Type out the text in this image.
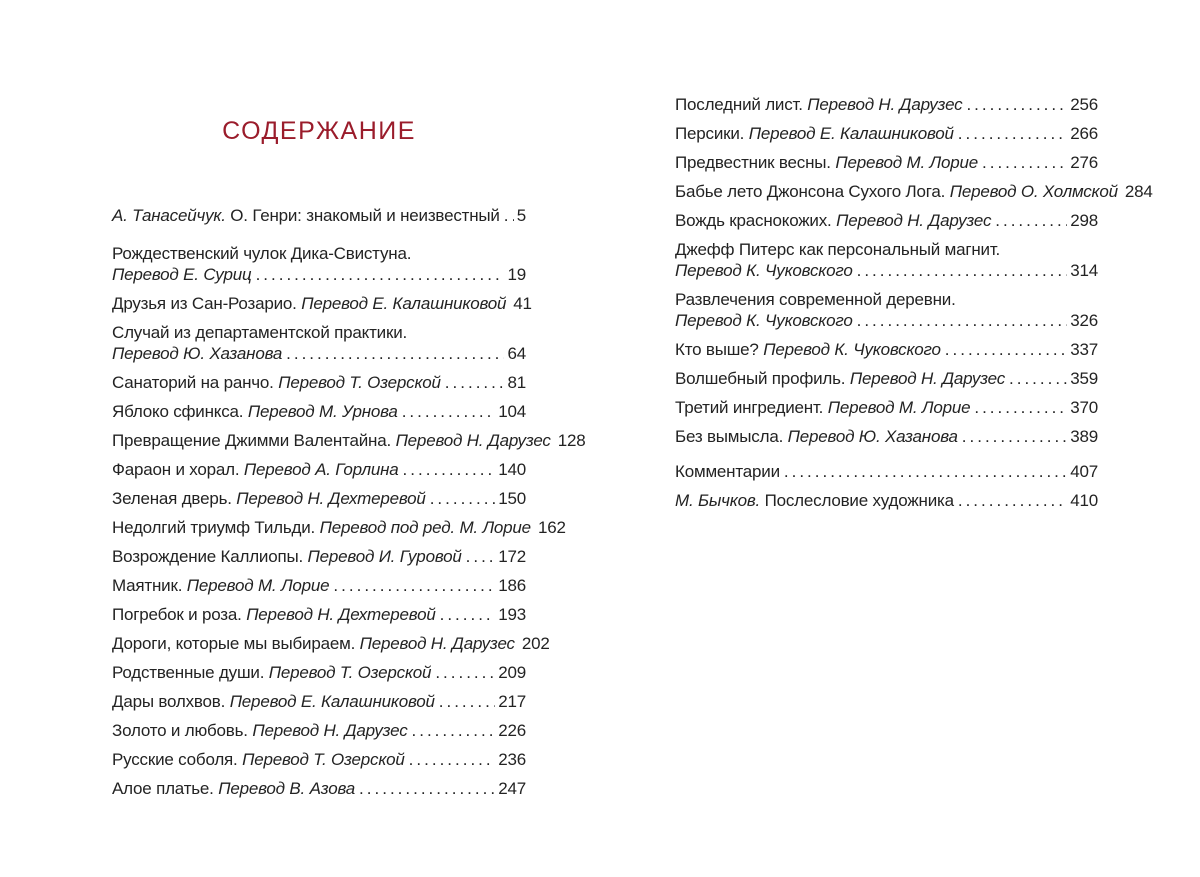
СОДЕРЖАНИЕ
А. Танасейчук. О. Генри: знакомый и неизвестный ..... 5
Рождественский чулок Дика-Свистуна.
Перевод Е. Суриц .....	19
Друзья из Сан-Розарио. Перевод Е. Калашниковой 41
Случай из департаментской практики.
Перевод Ю. Хазанова .....	64
Санаторий на ранчо. Перевод Т. Озерской .....	81
Яблоко сфинкса. Перевод М. Урнова .....	104
Превращение Джимми Валентайна. Перевод Н. Дарузес 128
Фараон и хорал. Перевод А. Горлина .....	140
Зеленая дверь. Перевод Н. Дехтеревой .....	150
Недолгий триумф Тильди. Перевод под ред. М. Лорие 162
Возрождение Каллиопы. Перевод И. Гуровой ..... 172
Маятник. Перевод М. Лорие .....	186
Погребок и роза. Перевод Н. Дехтеревой .....	193
Дороги, которые мы выбираем. Перевод Н. Дарузес 202
Родственные души. Перевод Т. Озерской .....	209
Дары волхвов. Перевод Е. Калашниковой .....	217
Золото и любовь. Перевод Н. Дарузес .....	226
Русские соболя. Перевод Т. Озерской .....	236
Алое платье. Перевод В. Азова .....	247
Последний лист. Перевод Н. Дарузес .....	256
Персики. Перевод Е. Калашниковой .....	266
Предвестник весны. Перевод М. Лорие .....	276
Бабье лето Джонсона Сухого Лога. Перевод О. Холмской 284
Вождь краснокожих. Перевод Н. Дарузес .....	298
Джефф Питерс как персональный магнит.
Перевод К. Чуковского .....	314
Развлечения современной деревни.
Перевод К. Чуковского .....	326
Кто выше? Перевод К. Чуковского .....	337
Волшебный профиль. Перевод Н. Дарузес .....	359
Третий ингредиент. Перевод М. Лорие .....	370
Без вымысла. Перевод Ю. Хазанова .....	389
Комментарии .....	407
М. Бычков. Послесловие художника .....	410
